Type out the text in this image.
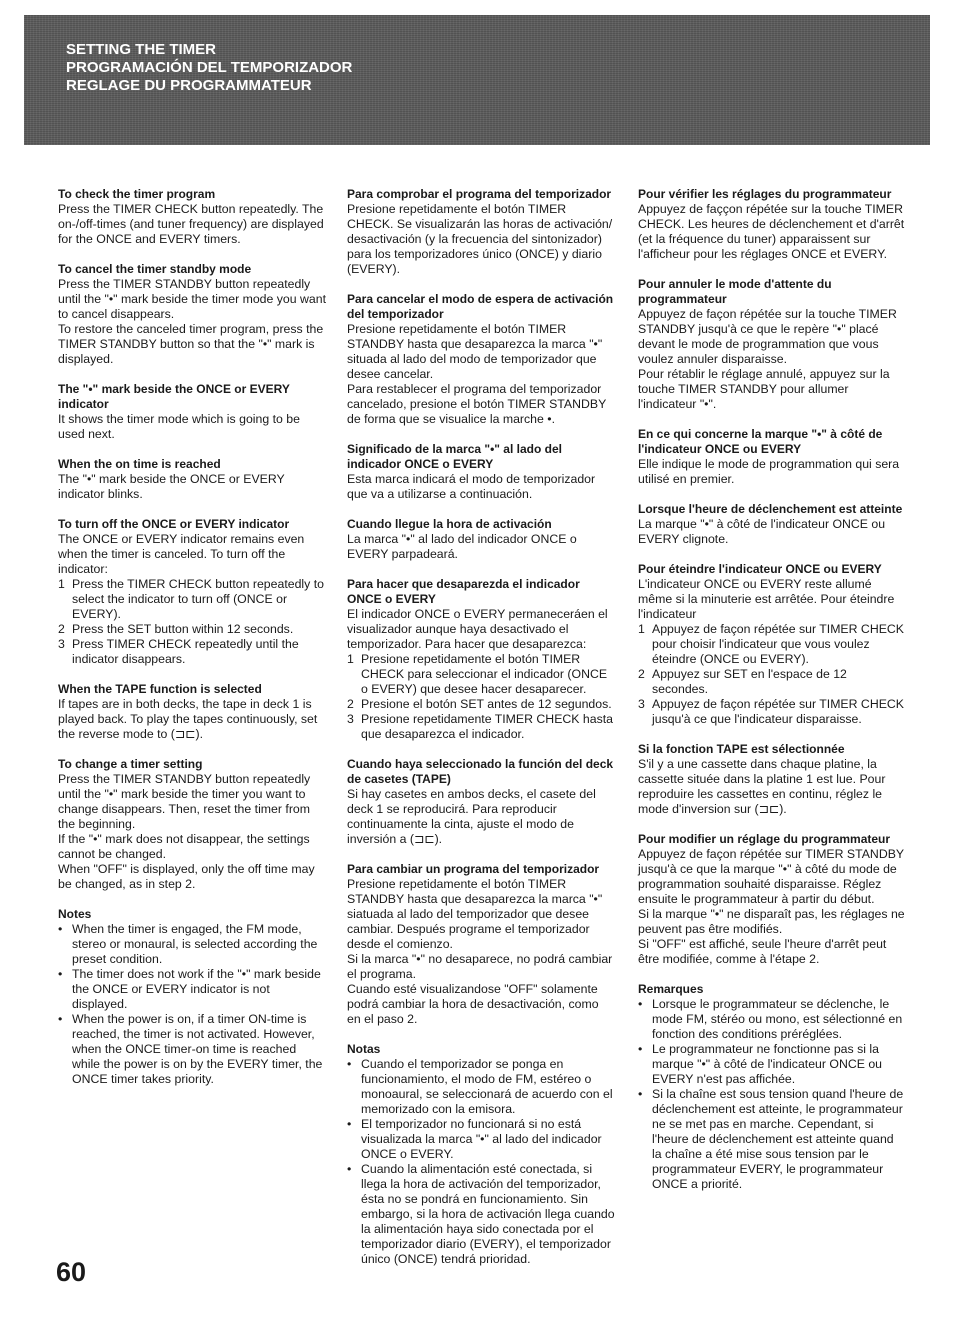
SETTING THE TIMER
PROGRAMACIÓN DEL TEMPORIZADOR
REGLAGE DU PROGRAMMATEUR
To check the timer program

Press the TIMER CHECK button repeatedly. The on-/off-times (and tuner frequency) are displayed for the ONCE and EVERY timers.

To cancel the timer standby mode

Press the TIMER STANDBY button repeatedly until the "•" mark beside the timer mode you want to cancel disappears.

To restore the canceled timer program, press the TIMER STANDBY button so that the "•" mark is displayed.

The "•" mark beside the ONCE or EVERY indicator

It shows the timer mode which is going to be used next.

When the on time is reached

The "•" mark beside the ONCE or EVERY indicator blinks.

To turn off the ONCE or EVERY indicator

The ONCE or EVERY indicator remains even when the timer is canceled. To turn off the indicator:

1 Press the TIMER CHECK button repeatedly to select the indicator to turn off (ONCE or EVERY).
2 Press the SET button within 12 seconds.
3 Press TIMER CHECK repeatedly until the indicator disappears.
When the TAPE function is selected

If tapes are in both decks, the tape in deck 1 is played back. To play the tapes continuously, set the reverse mode to (⊐⊏).

To change a timer setting

Press the TIMER STANDBY button repeatedly until the "•" mark beside the timer you want to change disappears. Then, reset the timer from the beginning.

If the "•" mark does not disappear, the settings cannot be changed.

When "OFF" is displayed, only the off time may be changed, as in step 2.

Notes
• When the timer is engaged, the FM mode, stereo or monaural, is selected according the preset condition.
• The timer does not work if the "•" mark beside the ONCE or EVERY indicator is not displayed.
• When the power is on, if a timer ON-time is reached, the timer is not activated. However, when the ONCE timer-on time is reached while the power is on by the EVERY timer, the ONCE timer takes priority.
Para comprobar el programa del temporizador

Presione repetidamente el botón TIMER CHECK. Se visualizarán las horas de activación/ desactivación (y la frecuencia del sintonizador) para los temporizadores único (ONCE) y diario (EVERY).

Para cancelar el modo de espera de activación del temporizador

Presione repetidamente el botón TIMER STANDBY hasta que desaparezca la marca "•" situada al lado del modo de temporizador que desee cancelar.

Para restablecer el programa del temporizador cancelado, presione el botón TIMER STANDBY de forma que se visualice la marche •.

Significado de la marca "•" al lado del indicador ONCE o EVERY

Esta marca indicará el modo de temporizador que va a utilizarse a continuación.

Cuando llegue la hora de activación

La marca "•" al lado del indicador ONCE o EVERY parpadeará.

Para hacer que desaparezda el indicador ONCE o EVERY

El indicador ONCE o EVERY permaneceráen el visualizador aunque haya desactivado el temporizador. Para hacer que desaparezca:

1 Presione repetidamente el botón TIMER CHECK para seleccionar el indicador (ONCE o EVERY) que desee hacer desaparecer.
2 Presione el botón SET antes de 12 segundos.
3 Presione repetidamente TIMER CHECK hasta que desaparezca el indicador.
Cuando haya seleccionado la función del deck de casetes (TAPE)

Si hay casetes en ambos decks, el casete del deck 1 se reproducirá. Para reproducir continuamente la cinta, ajuste el modo de inversión a (⊐⊏).

Para cambiar un programa del temporizador

Presione repetidamente el botón TIMER STANDBY hasta que desaparezca la marca "•" siatuada al lado del temporizador que desee cambiar. Después programe el temporizador desde el comienzo.

Si la marca "•" no desaparece, no podrá cambiar el programa.

Cuando esté visualizandose "OFF" solamente podrá cambiar la hora de desactivación, como en el paso 2.

Notas
• Cuando el temporizador se ponga en funcionamiento, el modo de FM, estéreo o monoaural, se seleccionará de acuerdo con el memorizado con la emisora.
• El temporizador no funcionará si no está visualizada la marca "•" al lado del indicador ONCE o EVERY.
• Cuando la alimentación esté conectada, si llega la hora de activación del temporizador, ésta no se pondrá en funcionamiento. Sin embargo, si la hora de activación llega cuando la alimentación haya sido conectada por el temporizador diario (EVERY), el temporizador único (ONCE) tendrá prioridad.
Pour vérifier les réglages du programmateur

Appuyez de faççon répétée sur la touche TIMER CHECK. Les heures de déclenchement et d'arrêt (et la fréquence du tuner) apparaissent sur l'afficheur pour les réglages ONCE et EVERY.

Pour annuler le mode d'attente du programmateur

Appuyez de façon répétée sur la touche TIMER STANDBY jusqu'à ce que le repère "•" placé devant le mode de programmation que vous voulez annuler disparaisse.

Pour rétablir le réglage annulé, appuyez sur la touche TIMER STANDBY pour allumer l'indicateur "•".

En ce qui concerne la marque "•" à côté de l'indicateur ONCE ou EVERY

Elle indique le mode de programmation qui sera utilisé en premier.

Lorsque l'heure de déclenchement est atteinte

La marque "•" à côté de l'indicateur ONCE ou EVERY clignote.

Pour éteindre l'indicateur ONCE ou EVERY

L'indicateur ONCE ou EVERY reste allumé même si la minuterie est arrêtée. Pour éteindre l'indicateur

1 Appuyez de façon répétée sur TIMER CHECK pour choisir l'indicateur que vous voulez éteindre (ONCE ou EVERY).
2 Appuyez sur SET en l'espace de 12 secondes.
3 Appuyez de façon répétée sur TIMER CHECK jusqu'à ce que l'indicateur disparaisse.
Si la fonction TAPE est sélectionnée

S'il y a une cassette dans chaque platine, la cassette située dans la platine 1 est lue. Pour reproduire les cassettes en continu, réglez le mode d'inversion sur (⊐⊏).

Pour modifier un réglage du programmateur

Appuyez de façon répétée sur TIMER STANDBY jusqu'à ce que la marque "•" à côté du mode de programmation souhaité disparaisse. Réglez ensuite le programmateur à partir du début.

Si la marque "•" ne disparaît pas, les réglages ne peuvent pas être modifiés.

Si "OFF" est affiché, seule l'heure d'arrêt peut être modifiée, comme à l'étape 2.

Remarques
• Lorsque le programmateur se déclenche, le mode FM, stéréo ou mono, est sélectionné en fonction des conditions préréglées.
• Le programmateur ne fonctionne pas si la marque "•" à côté de l'indicateur ONCE ou EVERY n'est pas affichée.
• Si la chaîne est sous tension quand l'heure de déclenchement est atteinte, le programmateur ne se met pas en marche. Cependant, si l'heure de déclenchement est atteinte quand la chaîne a été mise sous tension par le programmateur EVERY, le programmateur ONCE a priorité.
60
